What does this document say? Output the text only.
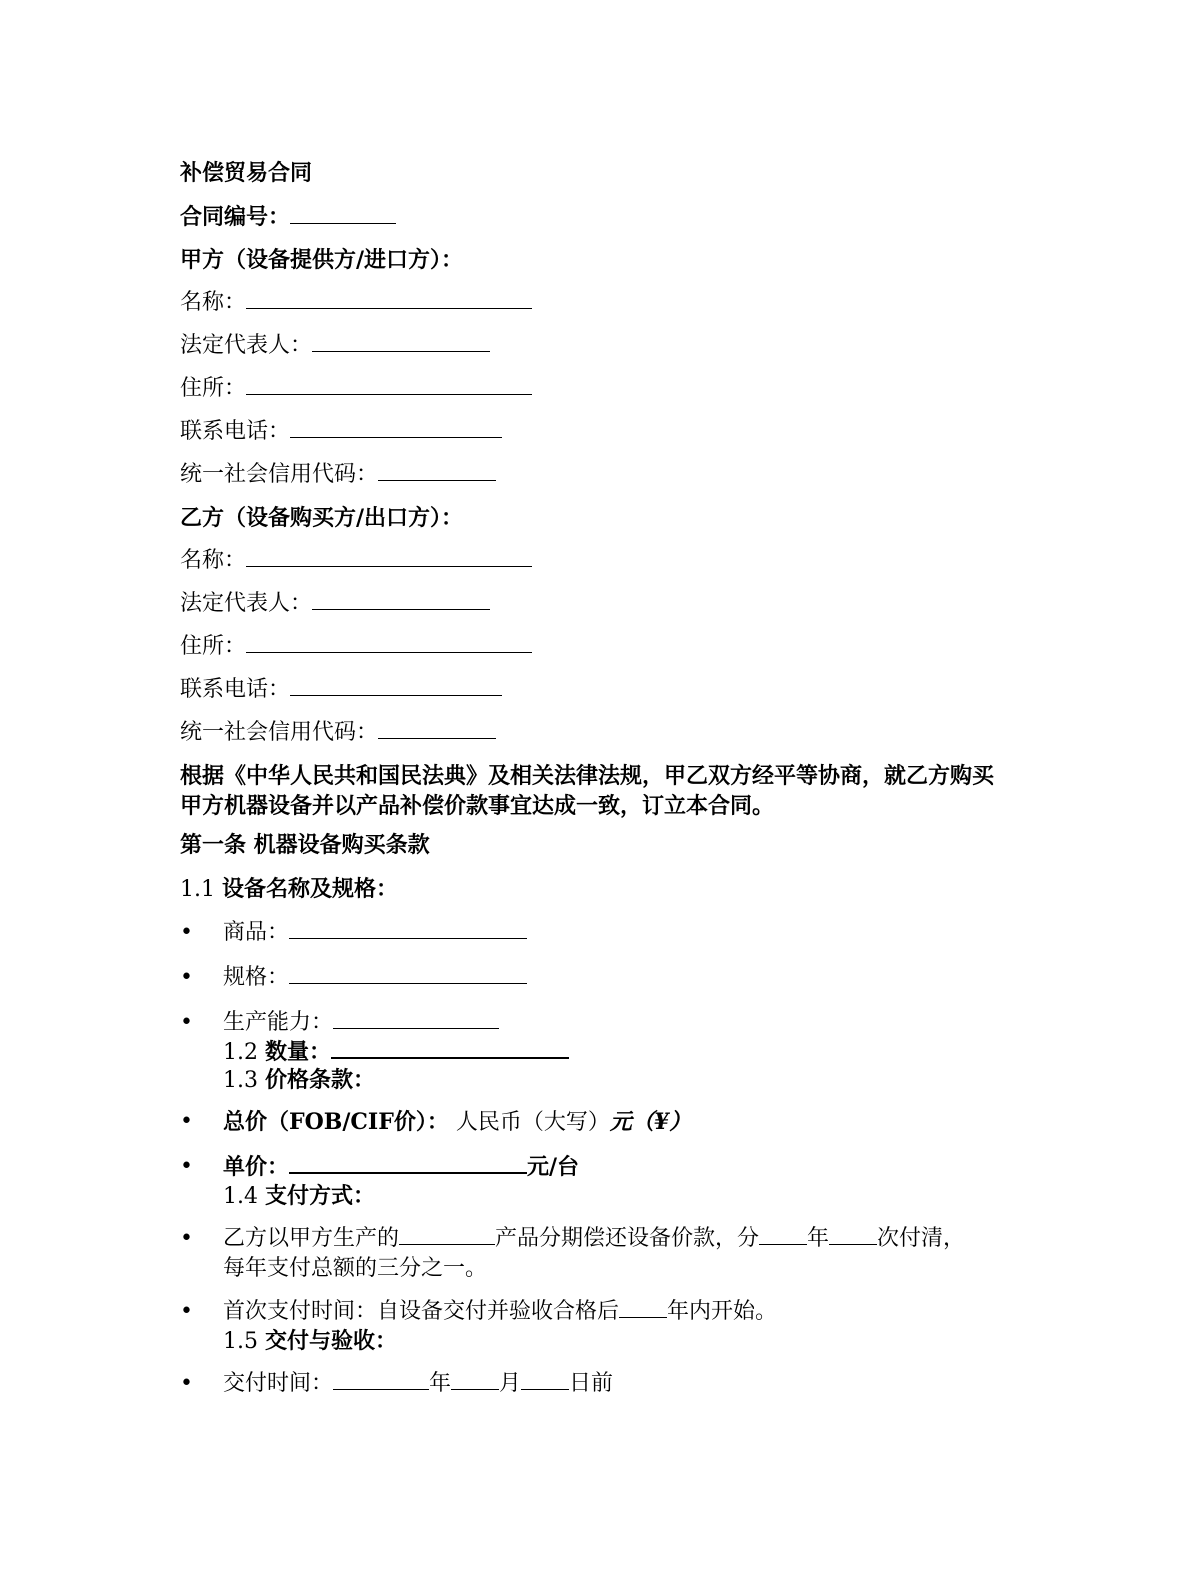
补偿贸易合同
合同编号：
甲方（设备提供方/进口方）：
名称：
法定代表人：
住所：
联系电话：
统一社会信用代码：
乙方（设备购买方/出口方）：
名称：
法定代表人：
住所：
联系电话：
统一社会信用代码：
根据《中华人民共和国民法典》及相关法律法规，甲乙双方经平等协商，就乙方购买甲方机器设备并以产品补偿价款事宜达成一致，订立本合同。
第一条 机器设备购买条款
1.1 设备名称及规格：
• 商品：
• 规格：
• 生产能力：
1.2 数量：
1.3 价格条款：
• 总价（FOB/CIF价）： 人民币（大写）元（¥）
• 单价：	元/台
1.4 支付方式：
• 乙方以甲方生产的	产品分期偿还设备价款，分 年 次付清，
每年支付总额的三分之一。
• 首次支付时间：自设备交付并验收合格后 年内开始。
1.5 交付与验收：
• 交付时间：	年 月 日前
